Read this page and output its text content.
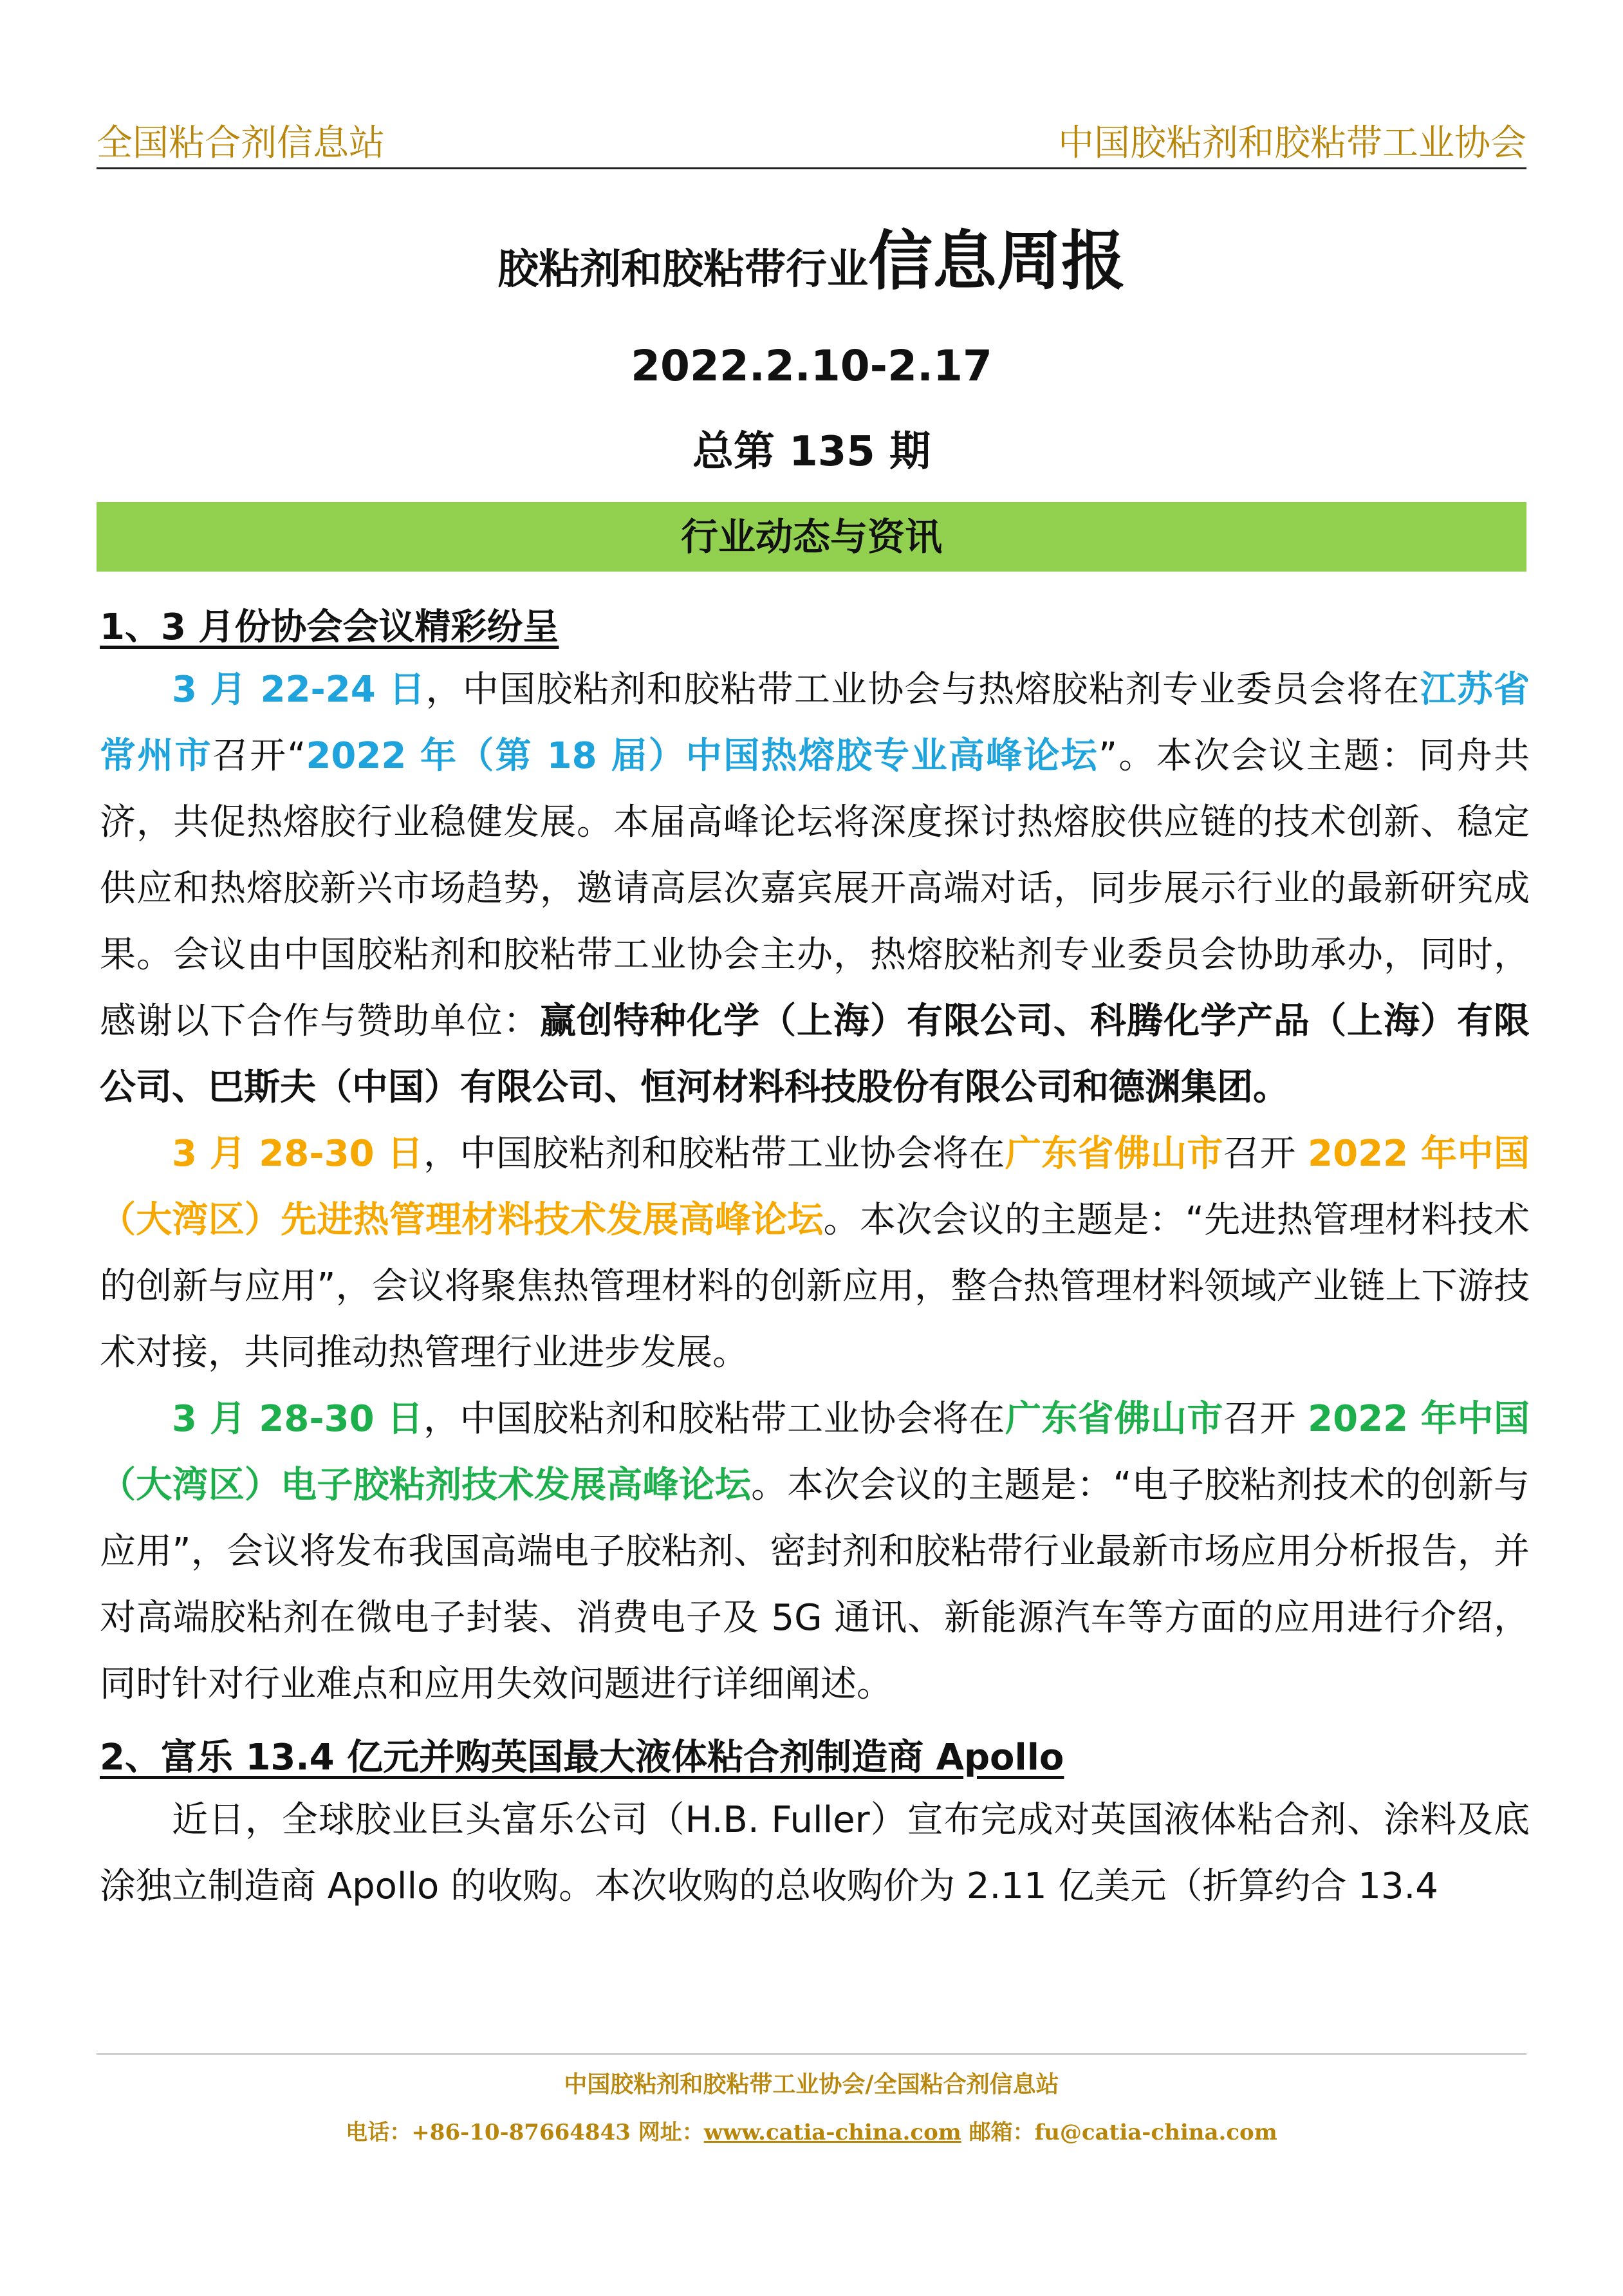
全国粘合剂信息站	中国胶粘剂和胶粘带工业协会
胶粘剂和胶粘带行业信息周报
2022.2.10-2.17
总第 135 期
行业动态与资讯

1、3 月份协会会议精彩纷呈

3 月 22-24 日，中国胶粘剂和胶粘带工业协会与热熔胶粘剂专业委员会将在江苏省常州市召开“2022 年（第 18 届）中国热熔胶专业高峰论坛”。本次会议主题：同舟共济，共促热熔胶行业稳健发展。本届高峰论坛将深度探讨热熔胶供应链的技术创新、稳定供应和热熔胶新兴市场趋势，邀请高层次嘉宾展开高端对话，同步展示行业的最新研究成果。会议由中国胶粘剂和胶粘带工业协会主办，热熔胶粘剂专业委员会协助承办，同时，感谢以下合作与赞助单位：赢创特种化学（上海）有限公司、科腾化学产品（上海）有限公司、巴斯夫（中国）有限公司、恒河材料科技股份有限公司和德渊集团。

3 月 28-30 日，中国胶粘剂和胶粘带工业协会将在广东省佛山市召开 2022 年中国（大湾区）先进热管理材料技术发展高峰论坛。本次会议的主题是：“先进热管理材料技术的创新与应用”，会议将聚焦热管理材料的创新应用，整合热管理材料领域产业链上下游技术对接，共同推动热管理行业进步发展。

3 月 28-30 日，中国胶粘剂和胶粘带工业协会将在广东省佛山市召开 2022 年中国（大湾区）电子胶粘剂技术发展高峰论坛。本次会议的主题是：“电子胶粘剂技术的创新与应用”，会议将发布我国高端电子胶粘剂、密封剂和胶粘带行业最新市场应用分析报告，并对高端胶粘剂在微电子封装、消费电子及 5G 通讯、新能源汽车等方面的应用进行介绍，同时针对行业难点和应用失效问题进行详细阐述。

2、富乐 13.4 亿元并购英国最大液体粘合剂制造商 Apollo

近日，全球胶业巨头富乐公司（H.B. Fuller）宣布完成对英国液体粘合剂、涂料及底涂独立制造商 Apollo 的收购。本次收购的总收购价为 2.11 亿美元（折算约合 13.4

中国胶粘剂和胶粘带工业协会/全国粘合剂信息站
电话：+86-10-87664843 网址：www.catia-china.com 邮箱：fu@catia-china.com
